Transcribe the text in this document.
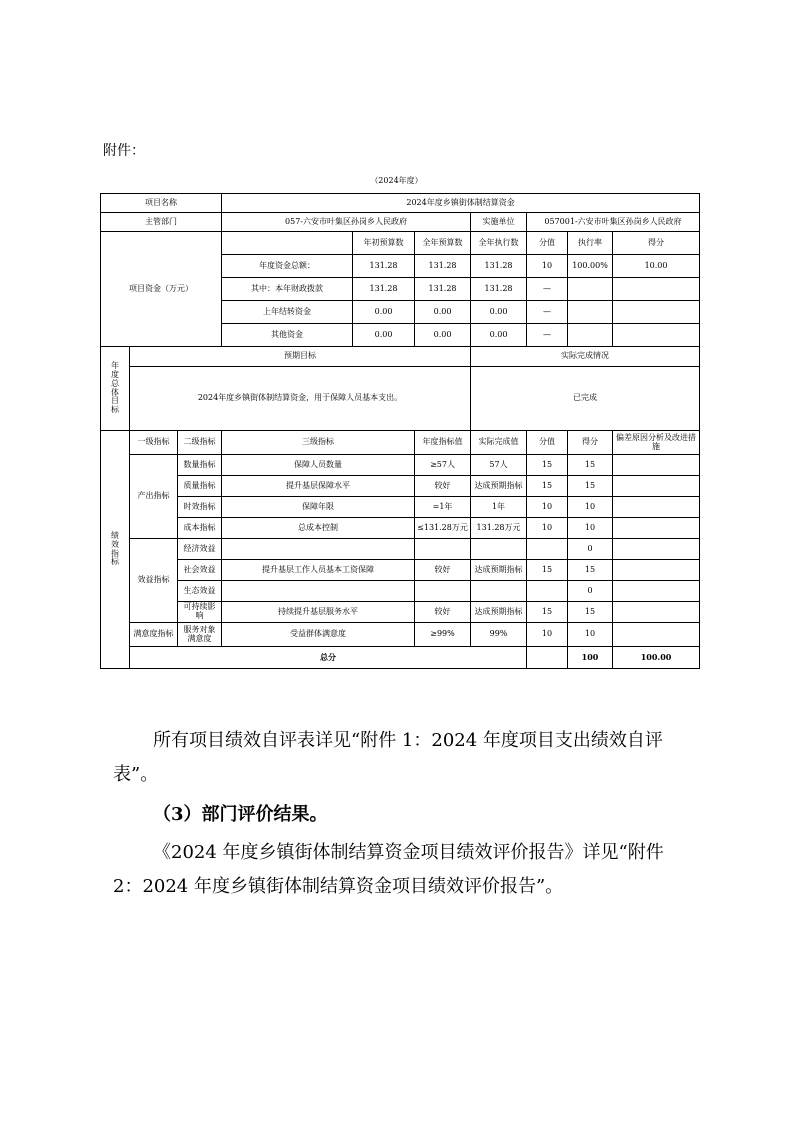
附件：
（2024年度）
项目名称			2024年度乡镇街体制结算资金							
主管部门			057-六安市叶集区孙岗乡人民政府			实施单位	057001-六安市叶集区孙岗乡人民政府			
项目资金（万元）				年初预算数	全年预算数	全年执行数	分值	执行率	得分	
			年度资金总额：	131.28	131.28	131.28	10	100.00%	10.00	
			其中：本年财政拨款	131.28	131.28	131.28	—			
			上年结转资金	0.00	0.00	0.00	—			
			其他资金	0.00	0.00	0.00	—			
年度总体目标	预期目标					实际完成情况				
	2024年度乡镇街体制结算资金，用于保障人员基本支出。					已完成				
绩效指标	一级指标	二级指标	三级指标		年度指标值	实际完成值	分值	得分	偏差原因分析及改进措施	
	产出指标	数量指标	保障人员数量		≥57人	57人	15	15		
		质量指标	提升基层保障水平		较好	达成预期指标	15	15		
		时效指标	保障年限		=1年	1年	10	10		
		成本指标	总成本控制		≤131.28万元	131.28万元	10	10		
	效益指标	经济效益						0		
		社会效益	提升基层工作人员基本工资保障		较好	达成预期指标	15	15		
		生态效益						0		
		可持续影响	持续提升基层服务水平		较好	达成预期指标	15	15		
	满意度指标	服务对象满意度	受益群体满意度		≥99%	99%	10	10		
	总分							100	100.00	
所有项目绩效自评表详见“附件 1：2024 年度项目支出绩效自评表”。
（3）部门评价结果。
《2024 年度乡镇街体制结算资金项目绩效评价报告》详见“附件 2：2024 年度乡镇街体制结算资金项目绩效评价报告”。
